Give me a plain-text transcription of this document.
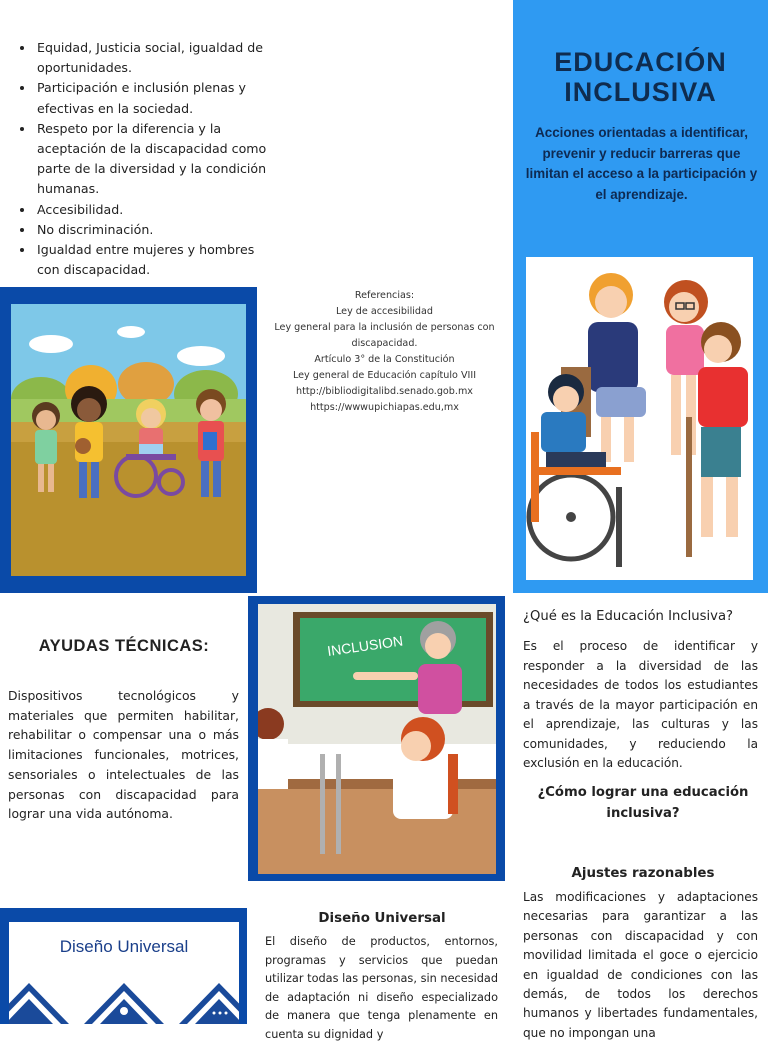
• Equidad, Justicia social, igualdad de oportunidades.
• Participación e inclusión plenas y efectivas en la sociedad.
• Respeto por la diferencia y la aceptación de la discapacidad como parte de la diversidad y la condición humanas.
• Accesibilidad.
• No discriminación.
• Igualdad entre mujeres y hombres con discapacidad.
Referencias:
Ley de accesibilidad
Ley general para la inclusión de personas con discapacidad.
Artículo 3° de la Constitución
Ley general de Educación capítulo VIII
http://bibliodigitalibd.senado.gob.mx
https://wwwupichiapas.edu,mx
EDUCACIÓN
INCLUSIVA
Acciones orientadas a identificar, prevenir y reducir barreras que limitan el acceso a la participación y el aprendizaje.
AYUDAS TÉCNICAS:
Dispositivos tecnológicos y materiales que permiten habilitar, rehabilitar o compensar una o más limitaciones funcionales, motrices, sensoriales o intelectuales de las personas con discapacidad para lograr una vida autónoma.
INCLUSION
¿Qué es la Educación Inclusiva?
Es el proceso de identificar y responder a la diversidad de las necesidades de todos los estudiantes a través de la mayor participación en el aprendizaje, las culturas y las comunidades, y reduciendo la exclusión en la educación.
¿Cómo lograr una educación inclusiva?
Ajustes razonables
Las modificaciones y adaptaciones necesarias para garantizar a las personas con discapacidad y con movilidad limitada el goce o ejercicio en igualdad de condiciones con las demás, de todos los derechos humanos y libertades fundamentales, que no impongan una
Diseño Universal
Diseño Universal
El diseño de productos, entornos, programas y servicios que puedan utilizar todas las personas, sin necesidad de adaptación ni diseño especializado de manera que tenga plenamente en cuenta su dignidad y
